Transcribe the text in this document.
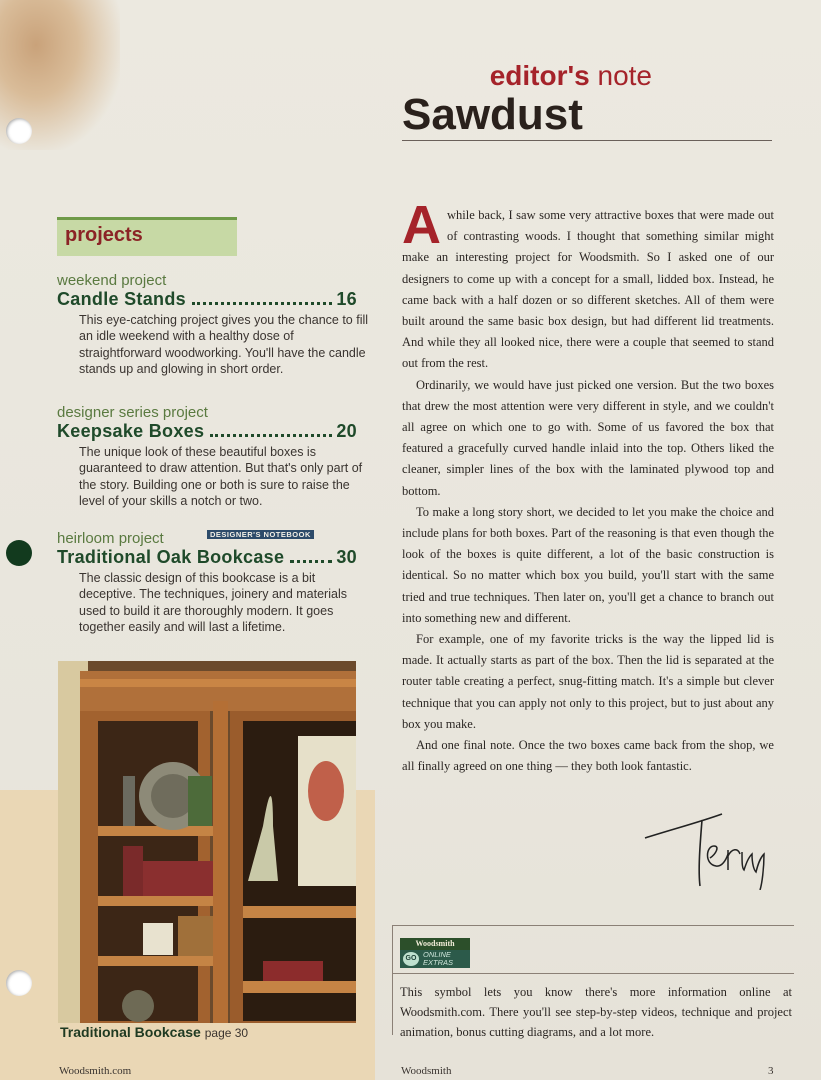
editor's note
Sawdust
projects
weekend project
Candle Stands	16
This eye-catching project gives you the chance to fill an idle weekend with a healthy dose of straightforward woodworking. You'll have the candle stands up and glowing in short order.
designer series project
Keepsake Boxes	20
The unique look of these beautiful boxes is guaranteed to draw attention. But that's only part of the story. Building one or both is sure to raise the level of your skills a notch or two.
heirloom project
Traditional Oak Bookcase	30
The classic design of this bookcase is a bit deceptive. The techniques, joinery and materials used to build it are thoroughly modern. It goes together easily and will last a lifetime.
DESIGNER'S NOTEBOOK
Traditional Bookcase page 30

Awhile back, I saw some very attractive boxes that were made out of contrasting woods. I thought that something similar might make an interesting project for Woodsmith. So I asked one of our designers to come up with a concept for a small, lidded box. Instead, he came back with a half dozen or so different sketches. All of them were built around the same basic box design, but had different lid treatments. And while they all looked nice, there were a couple that seemed to stand out from the rest.

Ordinarily, we would have just picked one version. But the two boxes that drew the most attention were very different in style, and we couldn't all agree on which one to go with. Some of us favored the box that featured a gracefully curved handle inlaid into the top. Others liked the cleaner, simpler lines of the box with the laminated plywood top and bottom.

To make a long story short, we decided to let you make the choice and include plans for both boxes. Part of the reasoning is that even though the look of the boxes is quite different, a lot of the basic construction is identical. So no matter which box you build, you'll start with the same tried and true techniques. Then later on, you'll get a chance to branch out into something new and different.

For example, one of my favorite tricks is the way the lipped lid is made. It actually starts as part of the box. Then the lid is separated at the router table creating a perfect, snug-fitting match. It's a simple but clever technique that you can apply not only to this project, but to just about any box you make.

And one final note. Once the two boxes came back from the shop, we all finally agreed on one thing — they both look fantastic.

Woodsmith
GO ONLINE
EXTRAS
This symbol lets you know there's more information online at Woodsmith.com. There you'll see step-by-step videos, technique and project animation, bonus cutting diagrams, and a lot more.
Woodsmith.com	Woodsmith	3
